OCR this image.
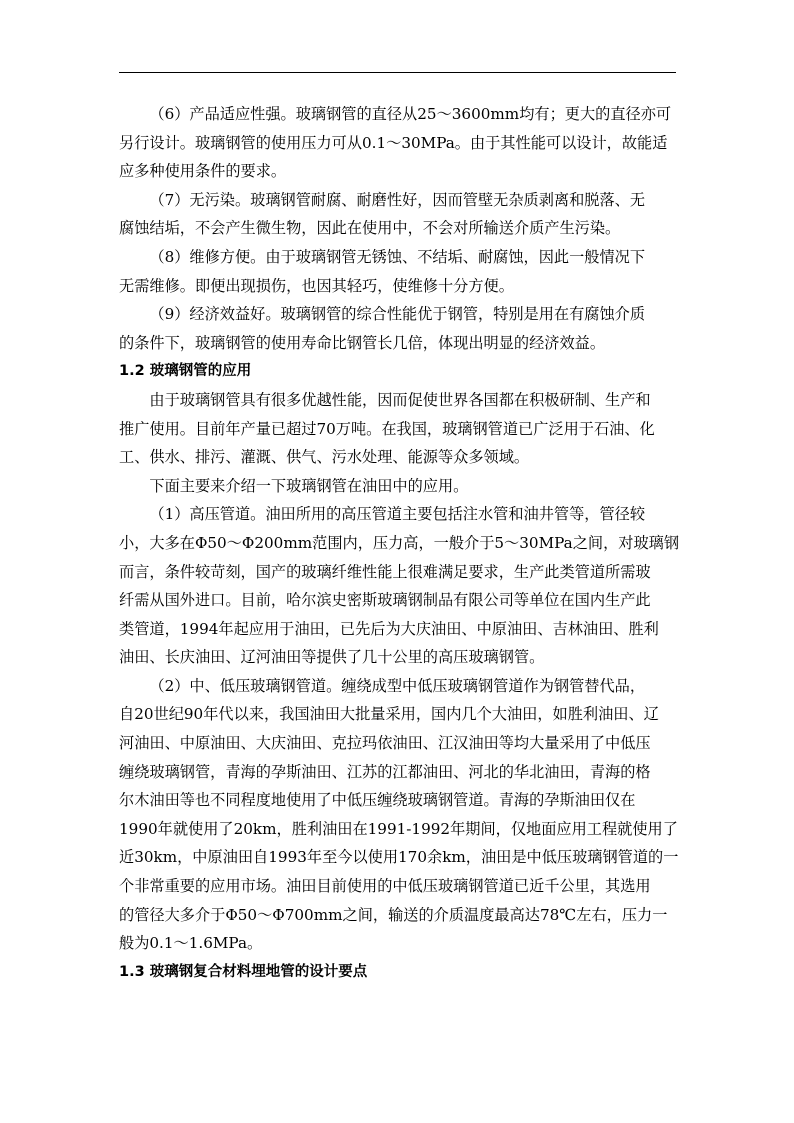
（6）产品适应性强。玻璃钢管的直径从25～3600mm均有；更大的直径亦可
另行设计。玻璃钢管的使用压力可从0.1～30MPa。由于其性能可以设计，故能适
应多种使用条件的要求。

（7）无污染。玻璃钢管耐腐、耐磨性好，因而管壁无杂质剥离和脱落、无
腐蚀结垢，不会产生微生物，因此在使用中，不会对所输送介质产生污染。

（8）维修方便。由于玻璃钢管无锈蚀、不结垢、耐腐蚀，因此一般情况下
无需维修。即便出现损伤，也因其轻巧，使维修十分方便。

（9）经济效益好。玻璃钢管的综合性能优于钢管，特别是用在有腐蚀介质
的条件下，玻璃钢管的使用寿命比钢管长几倍，体现出明显的经济效益。

1.2 玻璃钢管的应用

由于玻璃钢管具有很多优越性能，因而促使世界各国都在积极研制、生产和
推广使用。目前年产量已超过70万吨。在我国，玻璃钢管道已广泛用于石油、化
工、供水、排污、灌溉、供气、污水处理、能源等众多领域。

下面主要来介绍一下玻璃钢管在油田中的应用。

（1）高压管道。油田所用的高压管道主要包括注水管和油井管等，管径较
小，大多在Φ50～Φ200mm范围内，压力高，一般介于5～30MPa之间，对玻璃钢
而言，条件较苛刻，国产的玻璃纤维性能上很难满足要求，生产此类管道所需玻
纤需从国外进口。目前，哈尔滨史密斯玻璃钢制品有限公司等单位在国内生产此
类管道，1994年起应用于油田，已先后为大庆油田、中原油田、吉林油田、胜利
油田、长庆油田、辽河油田等提供了几十公里的高压玻璃钢管。

（2）中、低压玻璃钢管道。缠绕成型中低压玻璃钢管道作为钢管替代品，
自20世纪90年代以来，我国油田大批量采用，国内几个大油田，如胜利油田、辽
河油田、中原油田、大庆油田、克拉玛依油田、江汉油田等均大量采用了中低压
缠绕玻璃钢管，青海的孕斯油田、江苏的江都油田、河北的华北油田，青海的格
尔木油田等也不同程度地使用了中低压缠绕玻璃钢管道。青海的孕斯油田仅在
1990年就使用了20km，胜利油田在1991-1992年期间，仅地面应用工程就使用了
近30km，中原油田自1993年至今以使用170余km，油田是中低压玻璃钢管道的一
个非常重要的应用市场。油田目前使用的中低压玻璃钢管道已近千公里，其选用
的管径大多介于Φ50～Φ700mm之间，输送的介质温度最高达78℃左右，压力一
般为0.1～1.6MPa。

1.3 玻璃钢复合材料埋地管的设计要点
